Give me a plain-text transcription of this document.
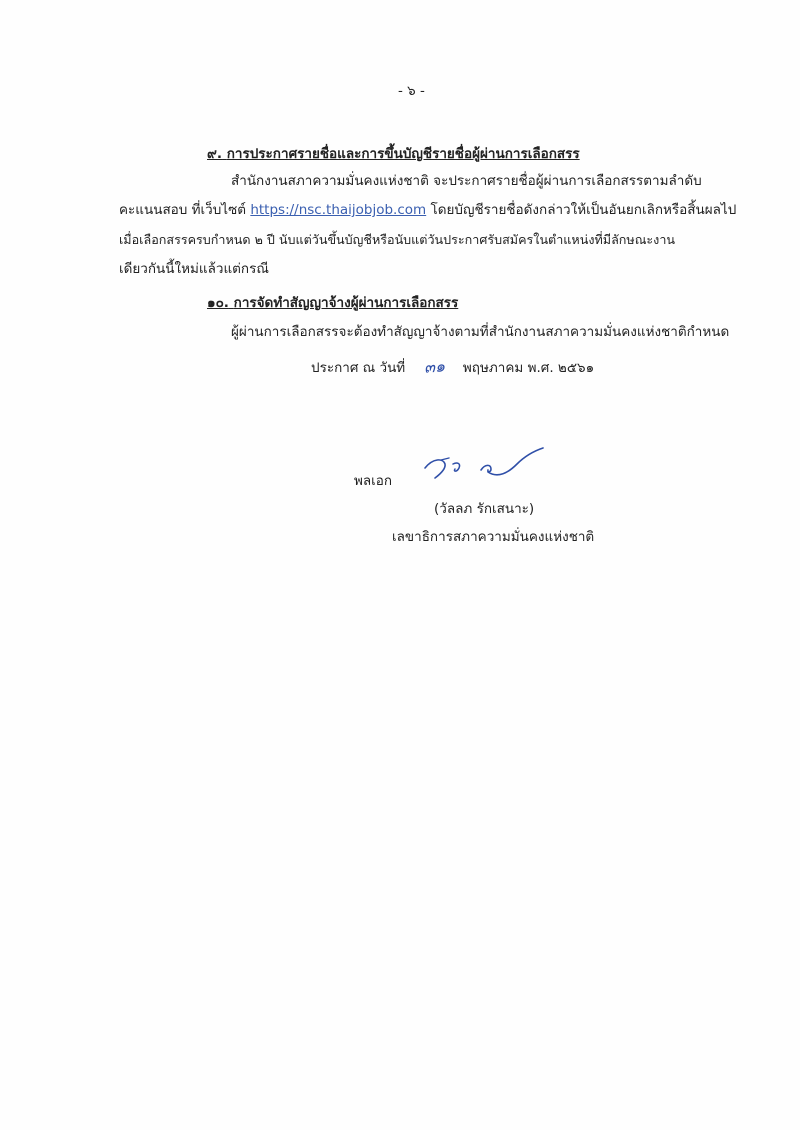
- ๖ -
๙. การประกาศรายชื่อและการขึ้นบัญชีรายชื่อผู้ผ่านการเลือกสรร
สำนักงานสภาความมั่นคงแห่งชาติ จะประกาศรายชื่อผู้ผ่านการเลือกสรรตามลำดับ
คะแนนสอบ ที่เว็บไซต์ https://nsc.thaijobjob.com โดยบัญชีรายชื่อดังกล่าวให้เป็นอันยกเลิกหรือสิ้นผลไป
เมื่อเลือกสรรครบกำหนด ๒ ปี นับแต่วันขึ้นบัญชีหรือนับแต่วันประกาศรับสมัครในตำแหน่งที่มีลักษณะงาน
เดียวกันนี้ใหม่แล้วแต่กรณี
๑๐. การจัดทำสัญญาจ้างผู้ผ่านการเลือกสรร
ผู้ผ่านการเลือกสรรจะต้องทำสัญญาจ้างตามที่สำนักงานสภาความมั่นคงแห่งชาติกำหนด
ประกาศ ณ วันที่ ๓๑ พฤษภาคม พ.ศ. ๒๕๖๑
พลเอก
(วัลลภ รักเสนาะ)
เลขาธิการสภาความมั่นคงแห่งชาติ
